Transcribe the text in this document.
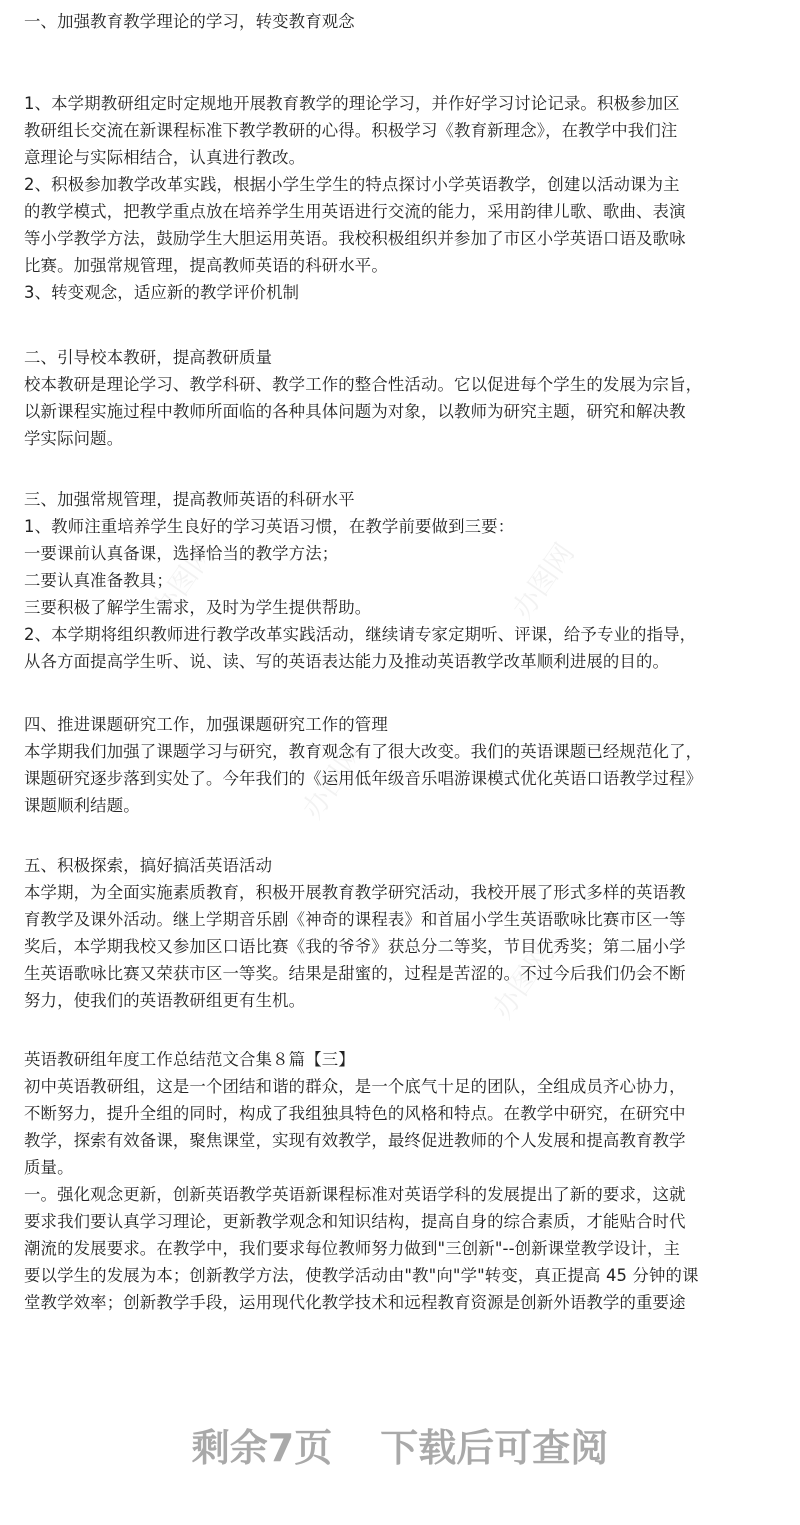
办图网	办图网
办图网
办图网
一、加强教育教学理论的学习，转变教育观念
1、本学期教研组定时定规地开展教育教学的理论学习，并作好学习讨论记录。积极参加区
教研组长交流在新课程标准下教学教研的心得。积极学习《教育新理念》，在教学中我们注
意理论与实际相结合，认真进行教改。
2、积极参加教学改革实践，根据小学生学生的特点探讨小学英语教学，创建以活动课为主
的教学模式，把教学重点放在培养学生用英语进行交流的能力，采用韵律儿歌、歌曲、表演
等小学教学方法，鼓励学生大胆运用英语。我校积极组织并参加了市区小学英语口语及歌咏
比赛。加强常规管理，提高教师英语的科研水平。
3、转变观念，适应新的教学评价机制
二、引导校本教研，提高教研质量
校本教研是理论学习、教学科研、教学工作的整合性活动。它以促进每个学生的发展为宗旨，
以新课程实施过程中教师所面临的各种具体问题为对象，以教师为研究主题，研究和解决教
学实际问题。
三、加强常规管理，提高教师英语的科研水平
1、教师注重培养学生良好的学习英语习惯，在教学前要做到三要：
一要课前认真备课，选择恰当的教学方法；
二要认真准备教具；
三要积极了解学生需求，及时为学生提供帮助。
2、本学期将组织教师进行教学改革实践活动，继续请专家定期听、评课，给予专业的指导，
从各方面提高学生听、说、读、写的英语表达能力及推动英语教学改革顺利进展的目的。
四、推进课题研究工作，加强课题研究工作的管理
本学期我们加强了课题学习与研究，教育观念有了很大改变。我们的英语课题已经规范化了，
课题研究逐步落到实处了。今年我们的《运用低年级音乐唱游课模式优化英语口语教学过程》
课题顺利结题。
五、积极探索，搞好搞活英语活动
本学期，为全面实施素质教育，积极开展教育教学研究活动，我校开展了形式多样的英语教
育教学及课外活动。继上学期音乐剧《神奇的课程表》和首届小学生英语歌咏比赛市区一等
奖后，本学期我校又参加区口语比赛《我的爷爷》获总分二等奖，节目优秀奖；第二届小学
生英语歌咏比赛又荣获市区一等奖。结果是甜蜜的，过程是苦涩的。不过今后我们仍会不断
努力，使我们的英语教研组更有生机。
英语教研组年度工作总结范文合集８篇【三】
初中英语教研组，这是一个团结和谐的群众，是一个底气十足的团队，全组成员齐心协力，
不断努力，提升全组的同时，构成了我组独具特色的风格和特点。在教学中研究，在研究中
教学，探索有效备课，聚焦课堂，实现有效教学，最终促进教师的个人发展和提高教育教学
质量。
一。强化观念更新，创新英语教学英语新课程标准对英语学科的发展提出了新的要求，这就
要求我们要认真学习理论，更新教学观念和知识结构，提高自身的综合素质，才能贴合时代
潮流的发展要求。在教学中，我们要求每位教师努力做到"三创新"--创新课堂教学设计，主
要以学生的发展为本；创新教学方法，使教学活动由"教"向"学"转变，真正提高 45 分钟的课
堂教学效率；创新教学手段，运用现代化教学技术和远程教育资源是创新外语教学的重要途
剩余7页 下载后可查阅
